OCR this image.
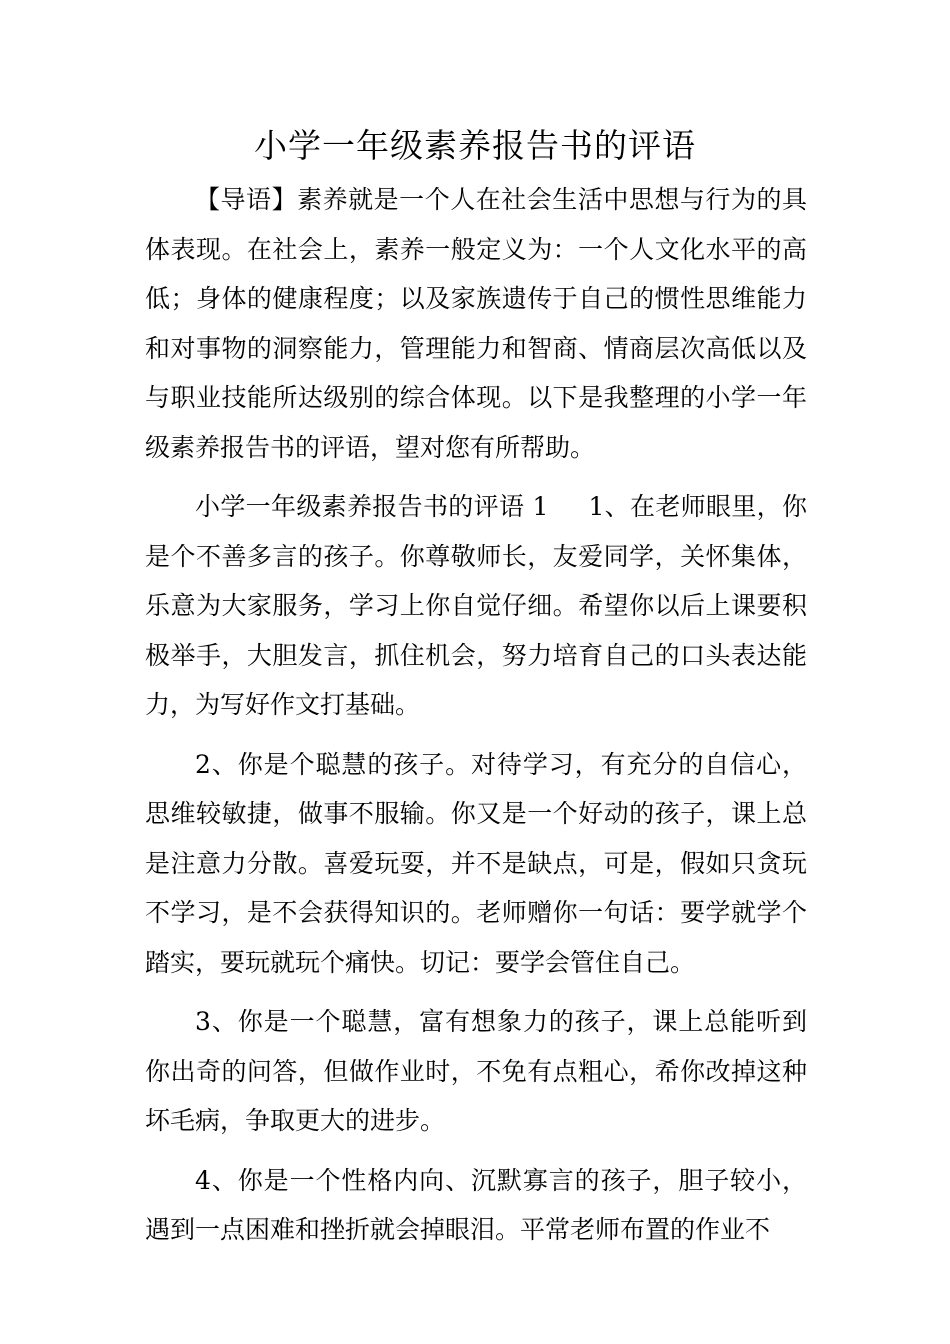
小学一年级素养报告书的评语

【导语】素养就是一个人在社会生活中思想与行为的具体表现。在社会上，素养一般定义为：一个人文化水平的高低；身体的健康程度；以及家族遗传于自己的惯性思维能力和对事物的洞察能力，管理能力和智商、情商层次高低以及与职业技能所达级别的综合体现。以下是我整理的小学一年级素养报告书的评语，望对您有所帮助。

小学一年级素养报告书的评语 1 1、在老师眼里，你是个不善多言的孩子。你尊敬师长，友爱同学，关怀集体，乐意为大家服务，学习上你自觉仔细。希望你以后上课要积极举手，大胆发言，抓住机会，努力培育自己的口头表达能力，为写好作文打基础。

2、你是个聪慧的孩子。对待学习，有充分的自信心，思维较敏捷，做事不服输。你又是一个好动的孩子，课上总是注意力分散。喜爱玩耍，并不是缺点，可是，假如只贪玩不学习，是不会获得知识的。老师赠你一句话：要学就学个踏实，要玩就玩个痛快。切记：要学会管住自己。

3、你是一个聪慧，富有想象力的孩子，课上总能听到你出奇的问答，但做作业时，不免有点粗心，希你改掉这种坏毛病，争取更大的进步。

4、你是一个性格内向、沉默寡言的孩子，胆子较小，遇到一点困难和挫折就会掉眼泪。平常老师布置的作业不
